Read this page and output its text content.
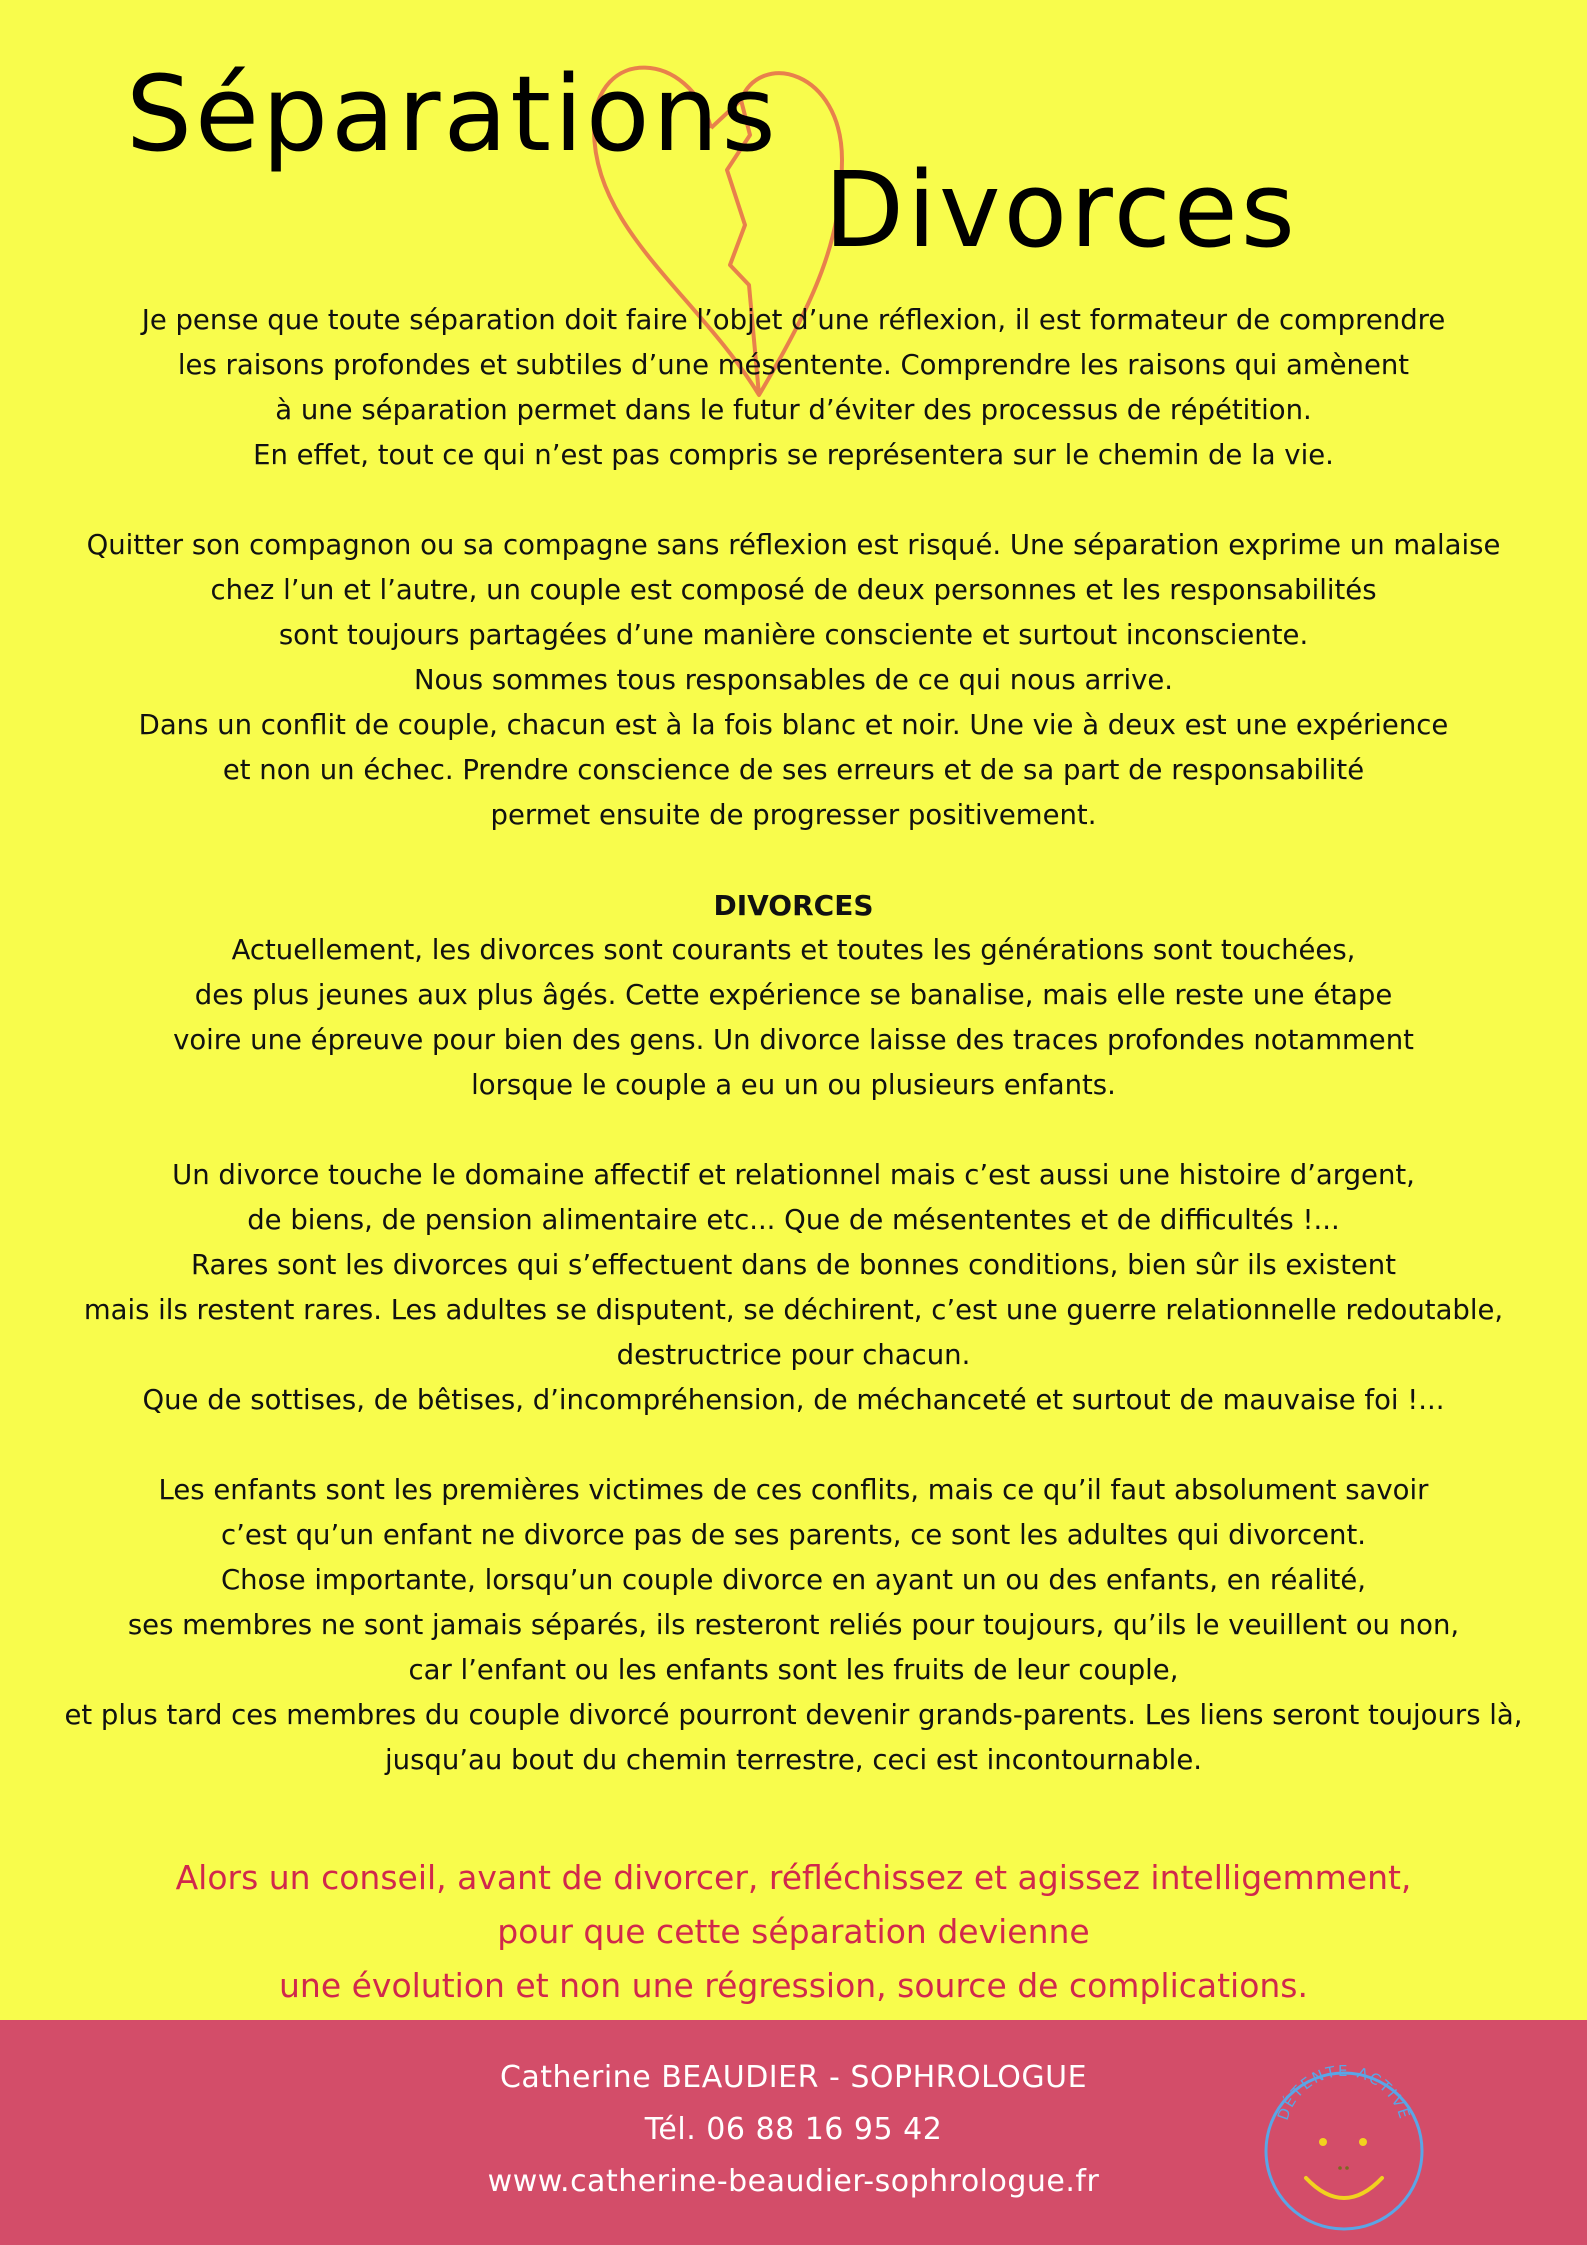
Séparations
Divorces

Je pense que toute séparation doit faire l’objet d’une réflexion, il est formateur de comprendre

les raisons profondes et subtiles d’une mésentente. Comprendre les raisons qui amènent

à une séparation permet dans le futur d’éviter des processus de répétition.

En effet, tout ce qui n’est pas compris se représentera sur le chemin de la vie.

Quitter son compagnon ou sa compagne sans réflexion est risqué. Une séparation exprime un malaise

chez l’un et l’autre, un couple est composé de deux personnes et les responsabilités

sont toujours partagées d’une manière consciente et surtout inconsciente.

Nous sommes tous responsables de ce qui nous arrive.

Dans un conflit de couple, chacun est à la fois blanc et noir. Une vie à deux est une expérience

et non un échec. Prendre conscience de ses erreurs et de sa part de responsabilité

permet ensuite de progresser positivement.

DIVORCES

Actuellement, les divorces sont courants et toutes les générations sont touchées,

des plus jeunes aux plus âgés. Cette expérience se banalise, mais elle reste une étape

voire une épreuve pour bien des gens. Un divorce laisse des traces profondes notamment

lorsque le couple a eu un ou plusieurs enfants.

Un divorce touche le domaine affectif et relationnel mais c’est aussi une histoire d’argent,

de biens, de pension alimentaire etc... Que de mésententes et de difficultés !...

Rares sont les divorces qui s’effectuent dans de bonnes conditions, bien sûr ils existent

mais ils restent rares. Les adultes se disputent, se déchirent, c’est une guerre relationnelle redoutable,

destructrice pour chacun.

Que de sottises, de bêtises, d’incompréhension, de méchanceté et surtout de mauvaise foi !...

Les enfants sont les premières victimes de ces conflits, mais ce qu’il faut absolument savoir

c’est qu’un enfant ne divorce pas de ses parents, ce sont les adultes qui divorcent.

Chose importante, lorsqu’un couple divorce en ayant un ou des enfants, en réalité,

ses membres ne sont jamais séparés, ils resteront reliés pour toujours, qu’ils le veuillent ou non,

car l’enfant ou les enfants sont les fruits de leur couple,

et plus tard ces membres du couple divorcé pourront devenir grands-parents. Les liens seront toujours là,

jusqu’au bout du chemin terrestre, ceci est incontournable.

Alors un conseil, avant de divorcer, réfléchissez et agissez intelligemment,

pour que cette séparation devienne

une évolution et non une régression, source de complications.

Catherine BEAUDIER - SOPHROLOGUE

Tél. 06 88 16 95 42

www.catherine-beaudier-sophrologue.fr

DÉTENTE ACTIVE
